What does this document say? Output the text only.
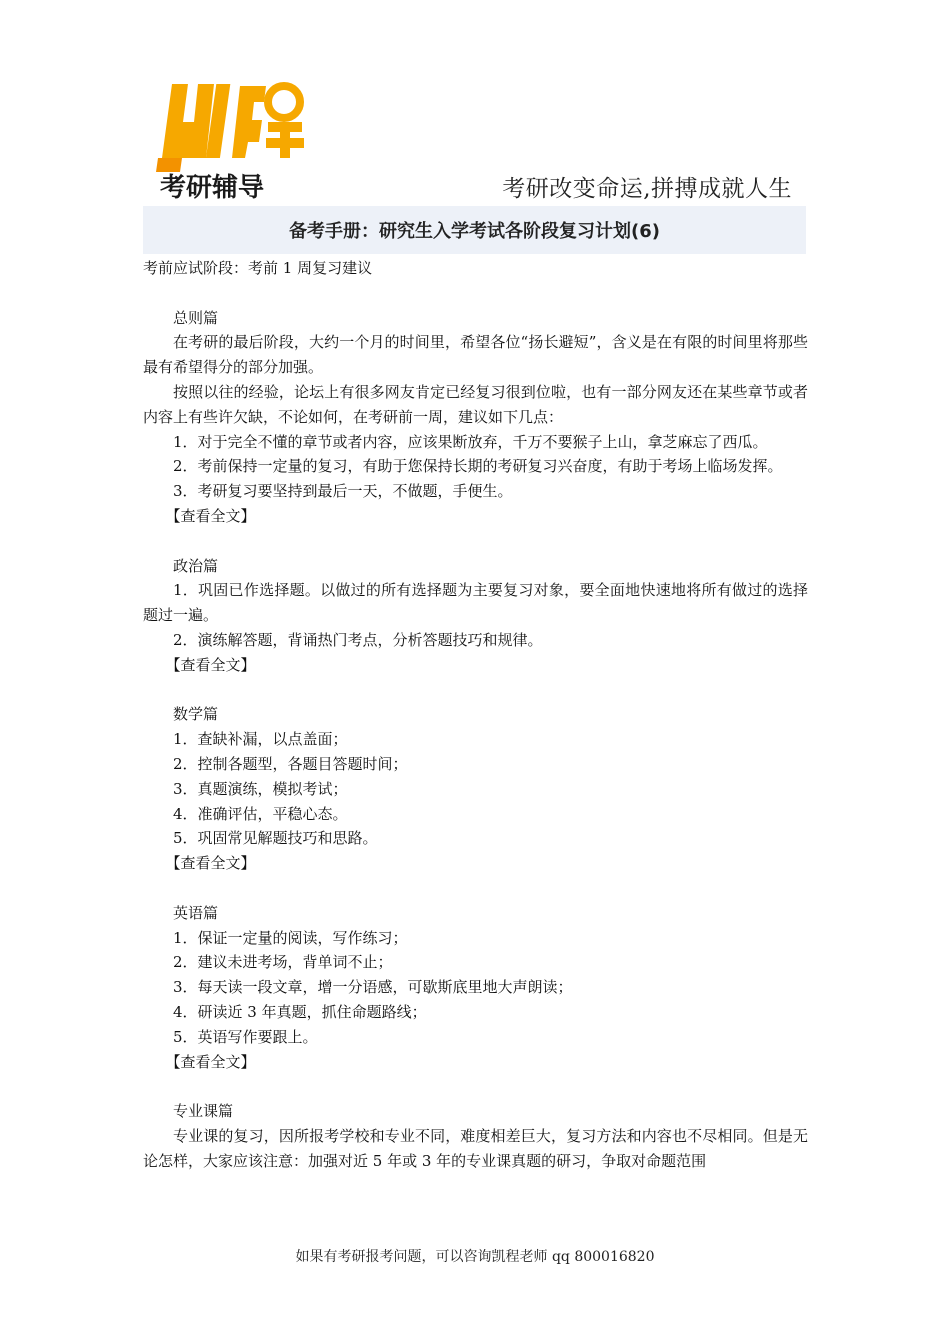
考研辅导	考研改变命运,拼搏成就人生
备考手册：研究生入学考试各阶段复习计划(6)

考前应试阶段：考前 1 周复习建议

总则篇

在考研的最后阶段，大约一个月的时间里，希望各位“扬长避短”，含义是在有限的时间里将那些最有希望得分的部分加强。

按照以往的经验，论坛上有很多网友肯定已经复习很到位啦，也有一部分网友还在某些章节或者内容上有些许欠缺，不论如何，在考研前一周，建议如下几点：

1．对于完全不懂的章节或者内容，应该果断放弃，千万不要猴子上山，拿芝麻忘了西瓜。

2．考前保持一定量的复习，有助于您保持长期的考研复习兴奋度，有助于考场上临场发挥。

3．考研复习要坚持到最后一天，不做题，手便生。

【查看全文】

政治篇

1．巩固已作选择题。以做过的所有选择题为主要复习对象，要全面地快速地将所有做过的选择题过一遍。

2．演练解答题，背诵热门考点，分析答题技巧和规律。

【查看全文】

数学篇

1．查缺补漏，以点盖面；

2．控制各题型，各题目答题时间；

3．真题演练，模拟考试；

4．准确评估，平稳心态。

5．巩固常见解题技巧和思路。

【查看全文】

英语篇

1．保证一定量的阅读，写作练习；

2．建议未进考场，背单词不止；

3．每天读一段文章，增一分语感，可歇斯底里地大声朗读；

4．研读近 3 年真题，抓住命题路线；

5．英语写作要跟上。

【查看全文】

专业课篇

专业课的复习，因所报考学校和专业不同，难度相差巨大，复习方法和内容也不尽相同。但是无论怎样，大家应该注意：加强对近 5 年或 3 年的专业课真题的研习，争取对命题范围

如果有考研报考问题，可以咨询凯程老师 qq 800016820
